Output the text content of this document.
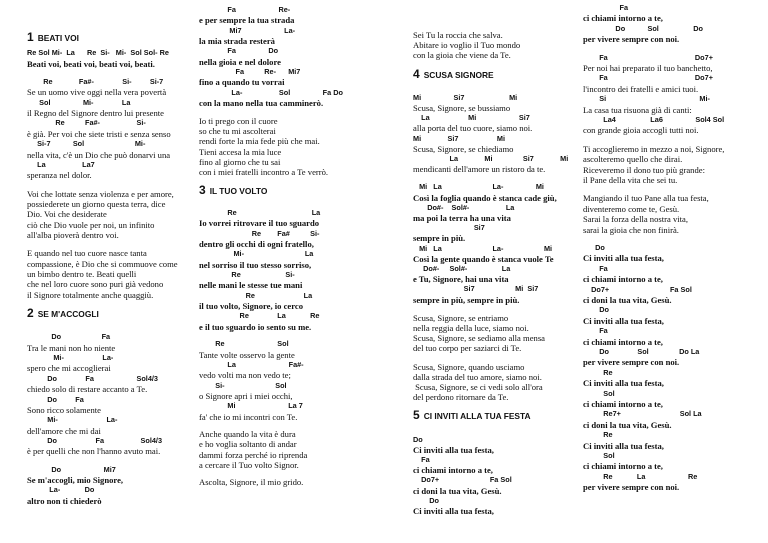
1 BEATI VOI
Re Sol Mi-  La      Re  Si-   Mi-  Sol Sol- Re
Beati voi, beati voi, beati voi, beati.
Re             Fa#-              Si-         Si-7
Se un uomo vive oggi nella vera povertà
Sol                Mi-              La
il Regno del Signore dentro lui presente
Re          Fa#-                  Si-
è già. Per voi che siete tristi e senza senso
Si-7           Sol                         Mi-
nella vita, c'è un Dio che può donarvi una
La                  La7
speranza nel dolor.
Voi che lottate senza violenza e per amore,
possiederete un giorno questa terra, dice
Dio. Voi che desiderate
ciò che Dio vuole per noi, un infinito
all'alba pioverà dentro voi.
E quando nel tuo cuore nasce tanta
compassione, è Dio che si commuove come
un bimbo dentro te. Beati quelli
che nel loro cuore sono puri già vedono
il Signore totalmente anche quaggiù.
2 SE M'ACCOGLI
Do                    Fa
Tra le mani non ho niente
Mi-                   La-
spero che mi accoglierai
Do              Fa                     Sol4/3
chiedo solo di restare accanto a Te.
Do         Fa
Sono ricco solamente
Mi-                        La-
dell'amore che mi dai
Do                   Fa                  Sol4/3
è per quelli che non l'hanno avuto mai.
Do                     Mi7
Se m'accogli, mio Signore,
La-            Do
altro non ti chiederò
Fa                     Re-
e per sempre la tua strada
Mi7                     La-
la mia strada resterà
Fa                Do
nella gioia e nel dolore
Fa          Re-      Mi7
fino a quando tu vorrai
La-                  Sol                Fa Do
con la mano nella tua camminerò.
Io ti prego con il cuore
so che tu mi ascolterai
rendi forte la mia fede più che mai.
Tieni accesa la mia luce
fino al giorno che tu sai
con i miei fratelli incontro a Te verrò.
3 IL TUO VOLTO
Re                                     La
Io vorrei ritrovare il tuo sguardo
Re        Fa#          Si-
dentro gli occhi di ogni fratello,
Mi-                              La
nel sorriso il tuo stesso sorriso,
Re                      Si-
nelle mani le stesse tue mani
Re                        La
il tuo volto, Signore, io cerco
Re              La            Re
e il tuo sguardo io sento su me.
Re                          Sol
Tante volte osservo la gente
La                          Fa#-
vedo volti ma non vedo te;
Si-                         Sol
o Signore apri i miei occhi,
Mi                          La 7
fa' che io mi incontri con Te.
Anche quando la vita è dura
e ho voglia soltanto di andar
dammi forza perché io riprenda
a cercare il Tuo volto Signor.
Ascolta, Signore, il mio grido.
Sei Tu la roccia che salva.
Abitare io voglio il Tuo mondo
con la gioia che viene da Te.
4 SCUSA SIGNORE
Mi                Si7                      Mi
Scusa, Signore, se bussiamo
La                   Mi                     Si7
alla porta del tuo cuore, siamo noi.
Mi             Si7                   Mi
Scusa, Signore, se chiediamo
La             Mi               Si7             Mi
mendicanti dell'amore un ristoro da te.
Mi   La                         La-                Mi
Così la foglia quando è stanca cade giù,
Do#-    Sol#-                  La
ma poi la terra ha una vita
Si7
sempre in più.
Mi   La                         La-                    Mi
Così la gente quando è stanca vuole Te
Do#-     Sol#-                 La
e Tu, Signore, hai una vita
Si7                    Mi  Si7
sempre in più, sempre in più.
Scusa, Signore, se entriamo
nella reggia della luce, siamo noi.
Scusa, Signore, se sediamo alla mensa
del tuo corpo per saziarci di Te.
Scusa, Signore, quando usciamo
dalla strada del tuo amore, siamo noi.
Scusa, Signore, se ci vedi solo all'ora
del perdono ritornare da Te.
5 CI INVITI ALLA TUA FESTA
Do
Ci inviti alla tua festa,
Fa
ci chiami intorno a te,
Do7+                         Fa Sol
ci doni la tua vita, Gesù.
Do
Ci inviti alla tua festa,
Fa
ci chiami intorno a te,
Do           Sol                 Do
per vivere sempre con noi.
Fa                                           Do7+
Per noi hai preparato il tuo banchetto,
Fa                                           Do7+
l'incontro dei fratelli e amici tuoi.
Si                                              Mi-
La casa tua risuona già di canti:
La4                 La6                Sol4 Sol
con grande gioia accogli tutti noi.
Ti accoglieremo in mezzo a noi, Signore,
ascolteremo quello che dirai.
Riceveremo il dono tuo più grande:
il Pane della vita che sei tu.
Mangiando il tuo Pane alla tua festa,
diventeremo come te, Gesù.
Sarai la forza della nostra vita,
sarai la gioia che non finirà.
Do
Ci inviti alla tua festa,
Fa
ci chiami intorno a te,
Do7+                              Fa Sol
ci doni la tua vita, Gesù.
Do
Ci inviti alla tua festa,
Fa
ci chiami intorno a te,
Do              Sol               Do La
per vivere sempre con noi.
Re
Ci inviti alla tua festa,
Sol
ci chiami intorno a te,
Re7+                             Sol La
ci doni la tua vita, Gesù.
Re
Ci inviti alla tua festa,
Sol
ci chiami intorno a te,
Re            La                     Re
per vivere sempre con noi.
